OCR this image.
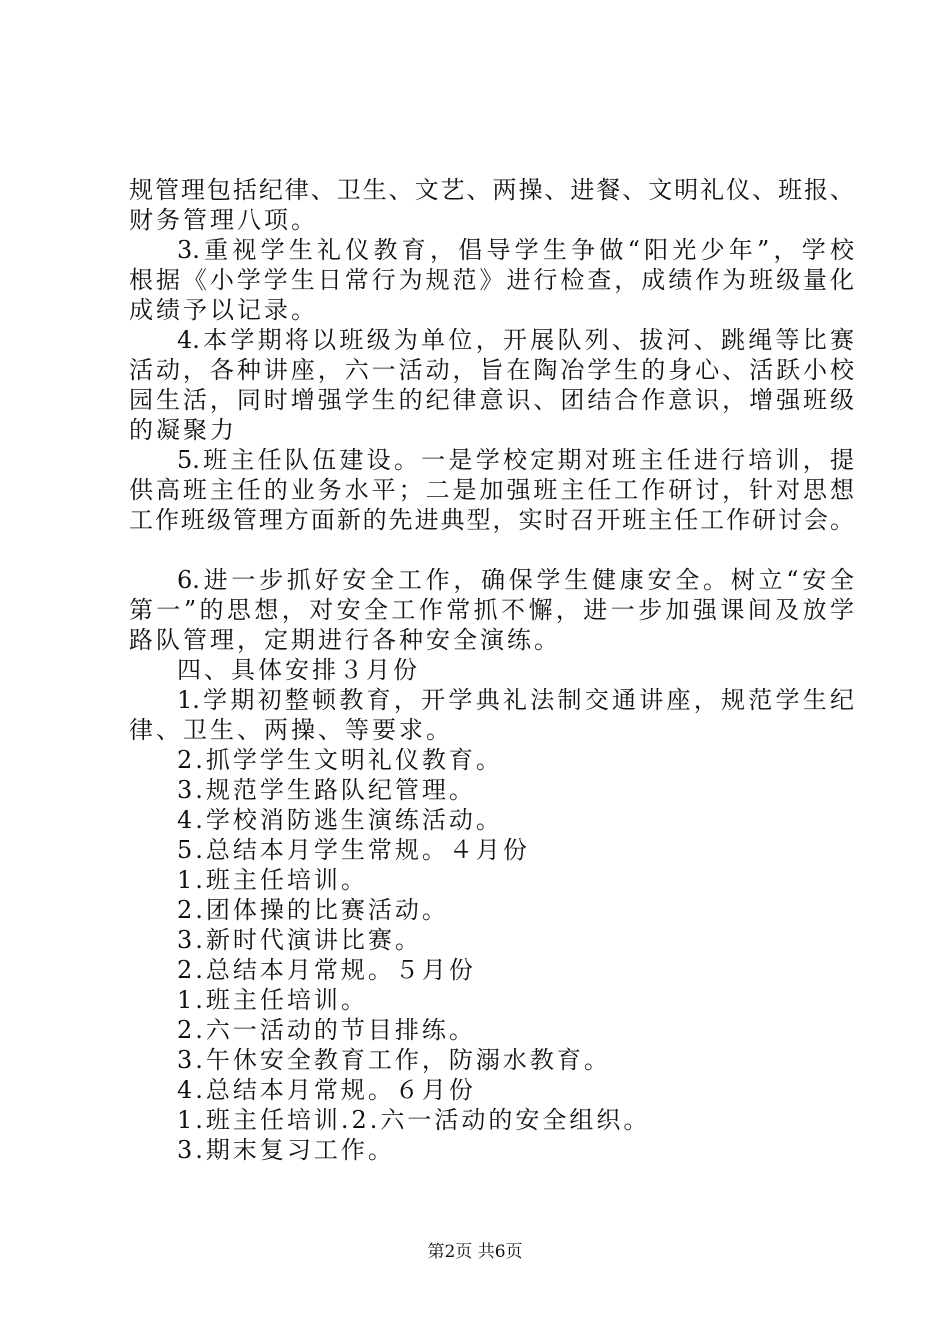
规管理包括纪律、卫生、文艺、两操、进餐、文明礼仪、班报、

财务管理八项。

3.重视学生礼仪教育，倡导学生争做“阳光少年”，学校

根据《小学学生日常行为规范》进行检查，成绩作为班级量化

成绩予以记录。

4.本学期将以班级为单位，开展队列、拔河、跳绳等比赛

活动，各种讲座，六一活动，旨在陶冶学生的身心、活跃小校

园生活，同时增强学生的纪律意识、团结合作意识，增强班级

的凝聚力

5.班主任队伍建设。一是学校定期对班主任进行培训，提

供高班主任的业务水平；二是加强班主任工作研讨，针对思想

工作班级管理方面新的先进典型，实时召开班主任工作研讨会。

6.进一步抓好安全工作，确保学生健康安全。树立“安全

第一”的思想，对安全工作常抓不懈，进一步加强课间及放学

路队管理，定期进行各种安全演练。

四、具体安排３月份

1.学期初整顿教育，开学典礼法制交通讲座，规范学生纪

律、卫生、两操、等要求。

2.抓学学生文明礼仪教育。

3.规范学生路队纪管理。

4.学校消防逃生演练活动。

5.总结本月学生常规。４月份

1.班主任培训。

2.团体操的比赛活动。

3.新时代演讲比赛。

2.总结本月常规。５月份

1.班主任培训。

2.六一活动的节目排练。

3.午休安全教育工作，防溺水教育。

4.总结本月常规。６月份

1.班主任培训.2.六一活动的安全组织。

3.期末复习工作。

第2页 共6页
